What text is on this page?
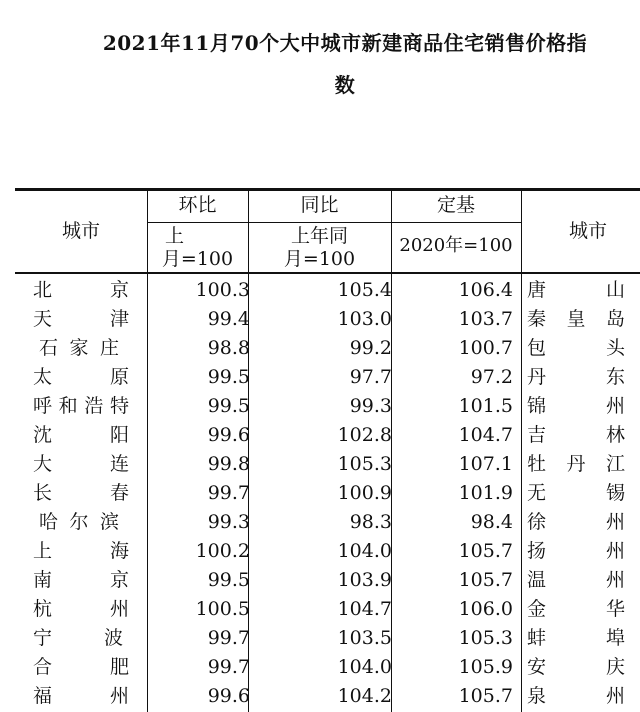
2021年11月70个大中城市新建商品住宅销售价格指
数
城市
环比
上
月=100
同比
上年同
月=100
定基
2020年=100
城市
北京	100.3	105.4	106.4 唐山
天津	99.4	103.0	103.7 秦皇岛
石家庄	98.8	99.2	100.7 包头
太原	99.5	97.7	97.2 丹东
呼和浩特	99.5	99.3	101.5 锦州
沈阳	99.6	102.8	104.7 吉林
大连	99.8	105.3	107.1 牡丹江
长春	99.7	100.9	101.9 无锡
哈尔滨	99.3	98.3	98.4 徐州
上海	100.2	104.0	105.7 扬州
南京	99.5	103.9	105.7 温州
杭州	100.5	104.7	106.0 金华
宁波	99.7	103.5	105.3 蚌埠
合肥	99.7	104.0	105.9 安庆
福州	99.6	104.2	105.7 泉州
